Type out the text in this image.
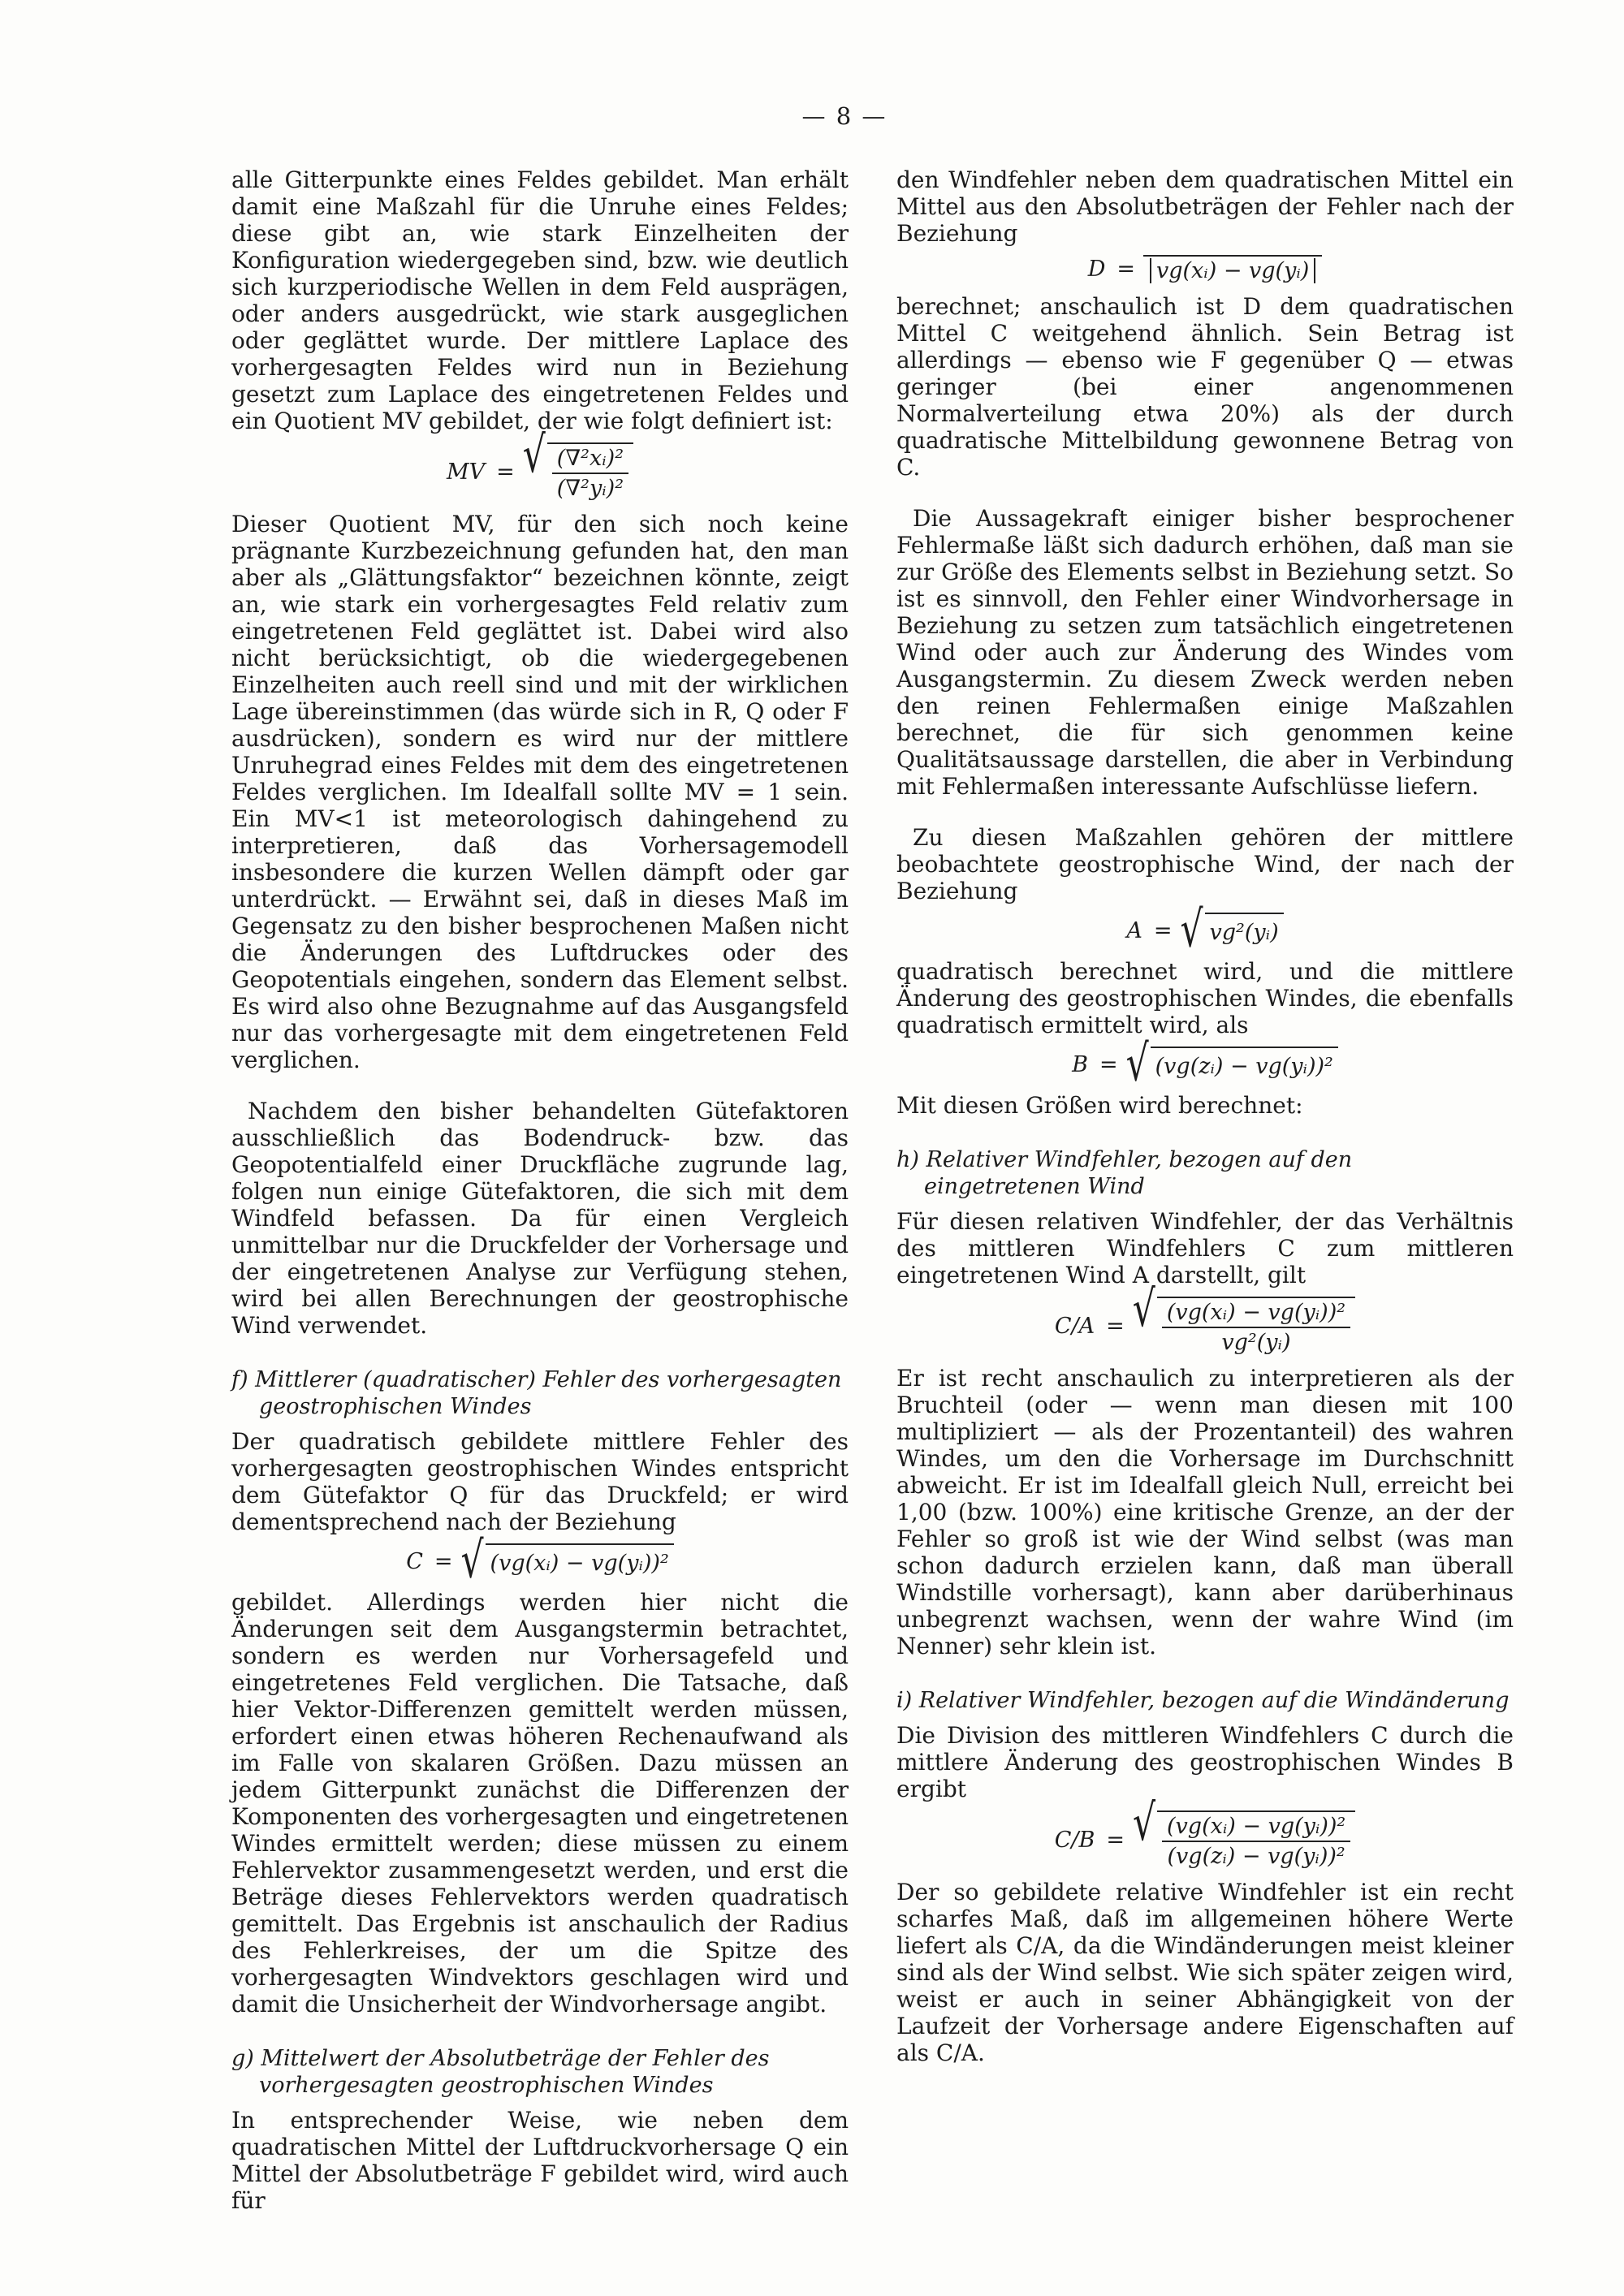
— 8 —

alle Gitterpunkte eines Feldes gebildet. Man erhält damit eine Maßzahl für die Unruhe eines Feldes; diese gibt an, wie stark Einzelheiten der Konfiguration wiedergegeben sind, bzw. wie deutlich sich kurzperiodische Wellen in dem Feld ausprägen, oder anders ausgedrückt, wie stark ausgeglichen oder geglättet wurde. Der mittlere Laplace des vorhergesagten Feldes wird nun in Beziehung gesetzt zum Laplace des eingetretenen Feldes und ein Quotient MV gebildet, der wie folgt definiert ist:

MV = √ $\frac{\text{(∇²xᵢ)²}}{\text{(∇²yᵢ)²}}$

Dieser Quotient MV, für den sich noch keine prägnante Kurzbezeichnung gefunden hat, den man aber als „Glättungsfaktor“ bezeichnen könnte, zeigt an, wie stark ein vorhergesagtes Feld relativ zum eingetretenen Feld geglättet ist. Dabei wird also nicht berücksichtigt, ob die wiedergegebenen Einzelheiten auch reell sind und mit der wirklichen Lage übereinstimmen (das würde sich in R, Q oder F ausdrücken), sondern es wird nur der mittlere Unruhegrad eines Feldes mit dem des eingetretenen Feldes verglichen. Im Idealfall sollte MV = 1 sein. Ein MV<1 ist meteorologisch dahingehend zu interpretieren, daß das Vorhersagemodell insbesondere die kurzen Wellen dämpft oder gar unterdrückt. — Erwähnt sei, daß in dieses Maß im Gegensatz zu den bisher besprochenen Maßen nicht die Änderungen des Luftdruckes oder des Geopotentials eingehen, sondern das Element selbst. Es wird also ohne Bezugnahme auf das Ausgangsfeld nur das vorhergesagte mit dem eingetretenen Feld verglichen.

Nachdem den bisher behandelten Gütefaktoren ausschließlich das Bodendruck- bzw. das Geopotentialfeld einer Druckfläche zugrunde lag, folgen nun einige Gütefaktoren, die sich mit dem Windfeld befassen. Da für einen Vergleich unmittelbar nur die Druckfelder der Vorhersage und der eingetretenen Analyse zur Verfügung stehen, wird bei allen Berechnungen der geostrophische Wind verwendet.

f) Mittlerer (quadratischer) Fehler des vorhergesagten geostrophischen Windes

Der quadratisch gebildete mittlere Fehler des vorhergesagten geostrophischen Windes entspricht dem Gütefaktor Q für das Druckfeld; er wird dementsprechend nach der Beziehung

C = √ (vg(xᵢ) − vg(yᵢ))²

gebildet. Allerdings werden hier nicht die Änderungen seit dem Ausgangstermin betrachtet, sondern es werden nur Vorhersagefeld und eingetretenes Feld verglichen. Die Tatsache, daß hier Vektor-Differenzen gemittelt werden müssen, erfordert einen etwas höheren Rechenaufwand als im Falle von skalaren Größen. Dazu müssen an jedem Gitterpunkt zunächst die Differenzen der Komponenten des vorhergesagten und eingetretenen Windes ermittelt werden; diese müssen zu einem Fehlervektor zusammengesetzt werden, und erst die Beträge dieses Fehlervektors werden quadratisch gemittelt. Das Ergebnis ist anschaulich der Radius des Fehlerkreises, der um die Spitze des vorhergesagten Windvektors geschlagen wird und damit die Unsicherheit der Windvorhersage angibt.

g) Mittelwert der Absolutbeträge der Fehler des vorhergesagten geostrophischen Windes

In entsprechender Weise, wie neben dem quadratischen Mittel der Luftdruckvorhersage Q ein Mittel der Absolutbeträge F gebildet wird, wird auch für

den Windfehler neben dem quadratischen Mittel ein Mittel aus den Absolutbeträgen der Fehler nach der Beziehung

D = vg(xᵢ) − vg(yᵢ)

berechnet; anschaulich ist D dem quadratischen Mittel C weitgehend ähnlich. Sein Betrag ist allerdings — ebenso wie F gegenüber Q — etwas geringer (bei einer angenommenen Normalverteilung etwa 20%) als der durch quadratische Mittelbildung gewonnene Betrag von C.

Die Aussagekraft einiger bisher besprochener Fehlermaße läßt sich dadurch erhöhen, daß man sie zur Größe des Elements selbst in Beziehung setzt. So ist es sinnvoll, den Fehler einer Windvorhersage in Beziehung zu setzen zum tatsächlich eingetretenen Wind oder auch zur Änderung des Windes vom Ausgangstermin. Zu diesem Zweck werden neben den reinen Fehlermaßen einige Maßzahlen berechnet, die für sich genommen keine Qualitätsaussage darstellen, die aber in Verbindung mit Fehlermaßen interessante Aufschlüsse liefern.

Zu diesen Maßzahlen gehören der mittlere beobachtete geostrophische Wind, der nach der Beziehung

A = √ vg²(yᵢ)

quadratisch berechnet wird, und die mittlere Änderung des geostrophischen Windes, die ebenfalls quadratisch ermittelt wird, als

B = √ (vg(zᵢ) − vg(yᵢ))²

Mit diesen Größen wird berechnet:

h) Relativer Windfehler, bezogen auf den eingetretenen Wind

Für diesen relativen Windfehler, der das Verhältnis des mittleren Windfehlers C zum mittleren eingetretenen Wind A darstellt, gilt

C/A = √ $\frac{\text{(vg(xᵢ) − vg(yᵢ))²}}{\text{vg²(yᵢ)}}$

Er ist recht anschaulich zu interpretieren als der Bruchteil (oder — wenn man diesen mit 100 multipliziert — als der Prozentanteil) des wahren Windes, um den die Vorhersage im Durchschnitt abweicht. Er ist im Idealfall gleich Null, erreicht bei 1,00 (bzw. 100%) eine kritische Grenze, an der der Fehler so groß ist wie der Wind selbst (was man schon dadurch erzielen kann, daß man überall Windstille vorhersagt), kann aber darüberhinaus unbegrenzt wachsen, wenn der wahre Wind (im Nenner) sehr klein ist.

i) Relativer Windfehler, bezogen auf die Windänderung

Die Division des mittleren Windfehlers C durch die mittlere Änderung des geostrophischen Windes B ergibt

C/B = √ $\frac{\text{(vg(xᵢ) − vg(yᵢ))²}}{\text{(vg(zᵢ) − vg(yᵢ))²}}$

Der so gebildete relative Windfehler ist ein recht scharfes Maß, daß im allgemeinen höhere Werte liefert als C/A, da die Windänderungen meist kleiner sind als der Wind selbst. Wie sich später zeigen wird, weist er auch in seiner Abhängigkeit von der Laufzeit der Vorhersage andere Eigenschaften auf als C/A.
